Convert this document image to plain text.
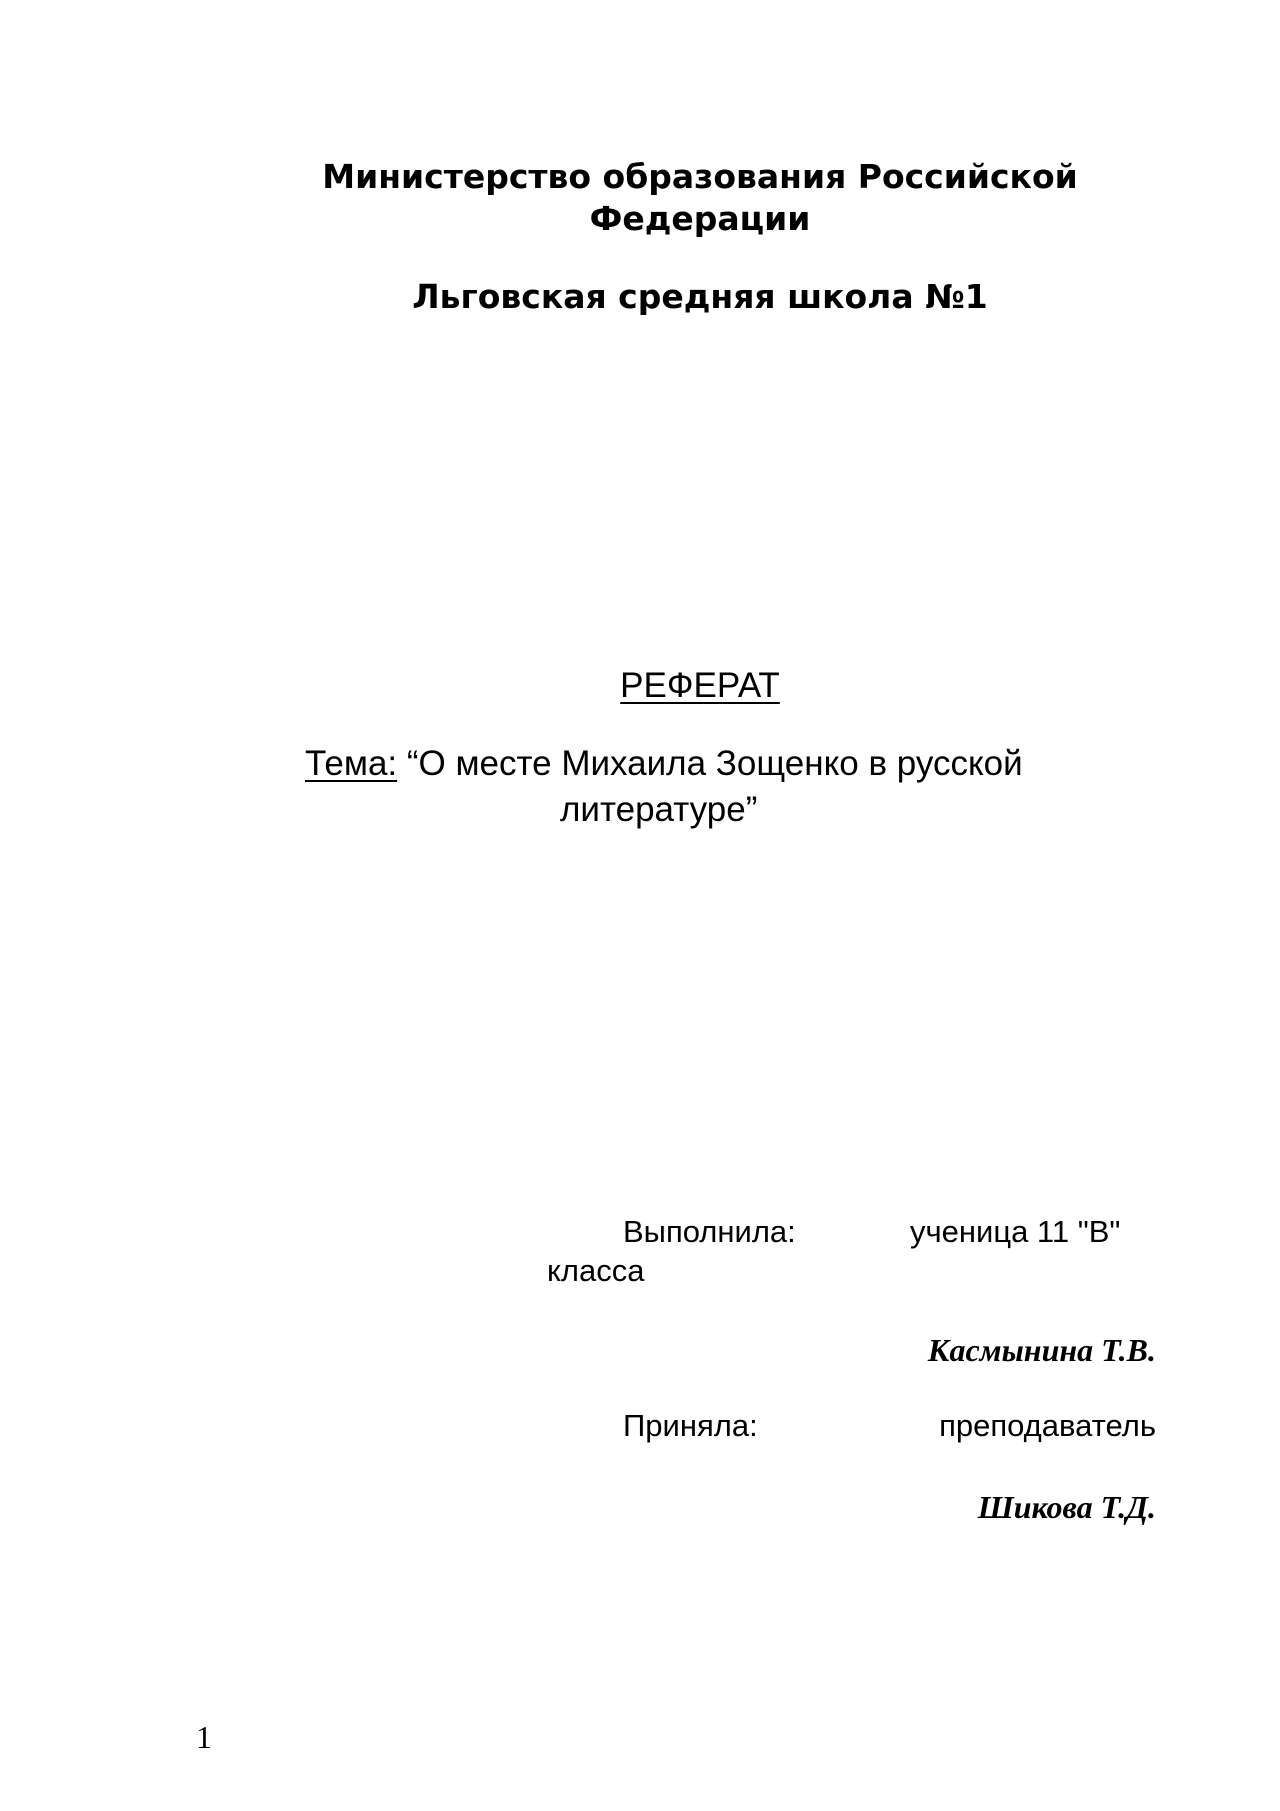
Министерство образования Российской
Федерации
Льговская средняя школа №1
РЕФЕРАТ
Тема: “О месте Михаила Зощенко в русской
литературе”
Выполнила:	ученица 11 "В"
класса
Касмынина Т.В.
Приняла:	преподаватель
Шикова Т.Д.
1
